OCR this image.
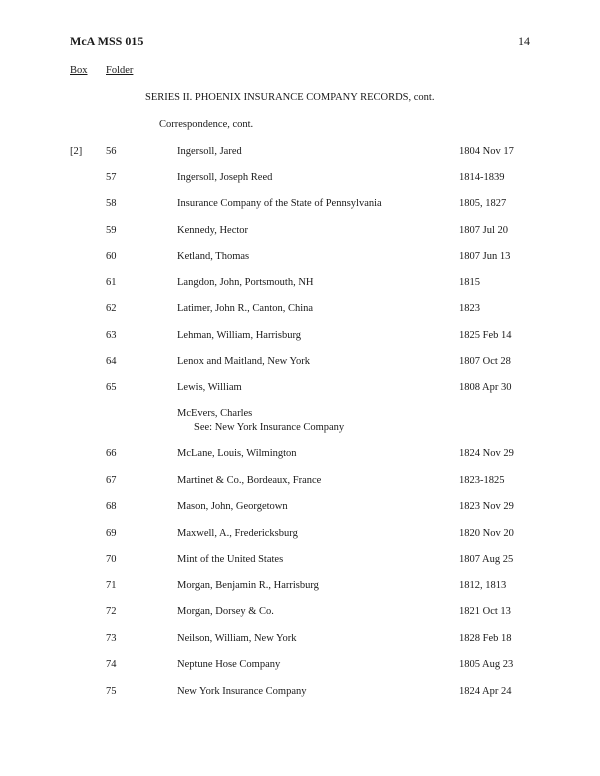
McA MSS 015	14
Box Folder
SERIES II. PHOENIX INSURANCE COMPANY RECORDS, cont.
Correspondence, cont.
[2] 56	Ingersoll, Jared	1804 Nov 17
57	Ingersoll, Joseph Reed	1814-1839
58	Insurance Company of the State of Pennsylvania	1805, 1827
59	Kennedy, Hector	1807 Jul 20
60	Ketland, Thomas	1807 Jun 13
61	Langdon, John, Portsmouth, NH	1815
62	Latimer, John R., Canton, China	1823
63	Lehman, William, Harrisburg	1825 Feb 14
64	Lenox and Maitland, New York	1807 Oct 28
65	Lewis, William	1808 Apr 30
McEvers, Charles
See: New York Insurance Company
66	McLane, Louis, Wilmington	1824 Nov 29
67	Martinet & Co., Bordeaux, France	1823-1825
68	Mason, John, Georgetown	1823 Nov 29
69	Maxwell, A., Fredericksburg	1820 Nov 20
70	Mint of the United States	1807 Aug 25
71	Morgan, Benjamin R., Harrisburg	1812, 1813
72	Morgan, Dorsey & Co.	1821 Oct 13
73	Neilson, William, New York	1828 Feb 18
74	Neptune Hose Company	1805 Aug 23
75	New York Insurance Company	1824 Apr 24
